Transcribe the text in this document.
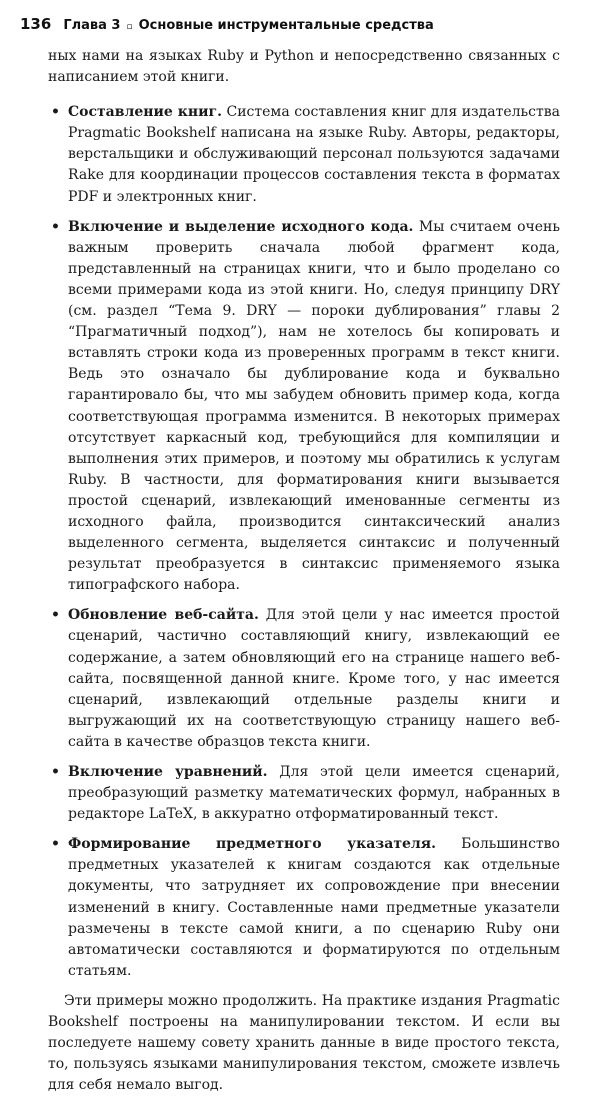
136 Глава 3 ▫ Основные инструментальные средства

ных нами на языках Ruby и Python и непосредственно связанных с написанием этой книги.

• Составление книг. Система составления книг для издательства Pragmatic Bookshelf написана на языке Ruby. Авторы, редакторы, верстальщики и обслуживающий персонал пользуются задачами Rake для координации процессов составления текста в форматах PDF и электронных книг.
• Включение и выделение исходного кода. Мы считаем очень важным проверить сначала любой фрагмент кода, представленный на страницах книги, что и было проделано со всеми примерами кода из этой книги. Но, следуя принципу DRY (см. раздел “Тема 9. DRY — пороки дублирования” главы 2 “Прагматичный подход”), нам не хотелось бы копировать и вставлять строки кода из проверенных программ в текст книги. Ведь это означало бы дублирование кода и буквально гарантировало бы, что мы забудем обновить пример кода, когда соответствующая программа изменится. В некоторых примерах отсутствует каркасный код, требующийся для компиляции и выполнения этих примеров, и поэтому мы обратились к услугам Ruby. В частности, для форматирования книги вызывается простой сценарий, извлекающий именованные сегменты из исходного файла, производится синтаксический анализ выделенного сегмента, выделяется синтаксис и полученный результат преобразуется в синтаксис применяемого языка типографского набора.
• Обновление веб-сайта. Для этой цели у нас имеется простой сценарий, частично составляющий книгу, извлекающий ее содержание, а затем обновляющий его на странице нашего веб-сайта, посвященной данной книге. Кроме того, у нас имеется сценарий, извлекающий отдельные разделы книги и выгружающий их на соответствующую страницу нашего веб-сайта в качестве образцов текста книги.
• Включение уравнений. Для этой цели имеется сценарий, преобразующий разметку математических формул, набранных в редакторе LaTeX, в аккуратно отформатированный текст.
• Формирование предметного указателя. Большинство предметных указателей к книгам создаются как отдельные документы, что затрудняет их сопровождение при внесении изменений в книгу. Составленные нами предметные указатели размечены в тексте самой книги, а по сценарию Ruby они автоматически составляются и форматируются по отдельным статьям.

Эти примеры можно продолжить. На практике издания Pragmatic Bookshelf построены на манипулировании текстом. И если вы последуете нашему совету хранить данные в виде простого текста, то, пользуясь языками манипулирования текстом, сможете извлечь для себя немало выгод.
